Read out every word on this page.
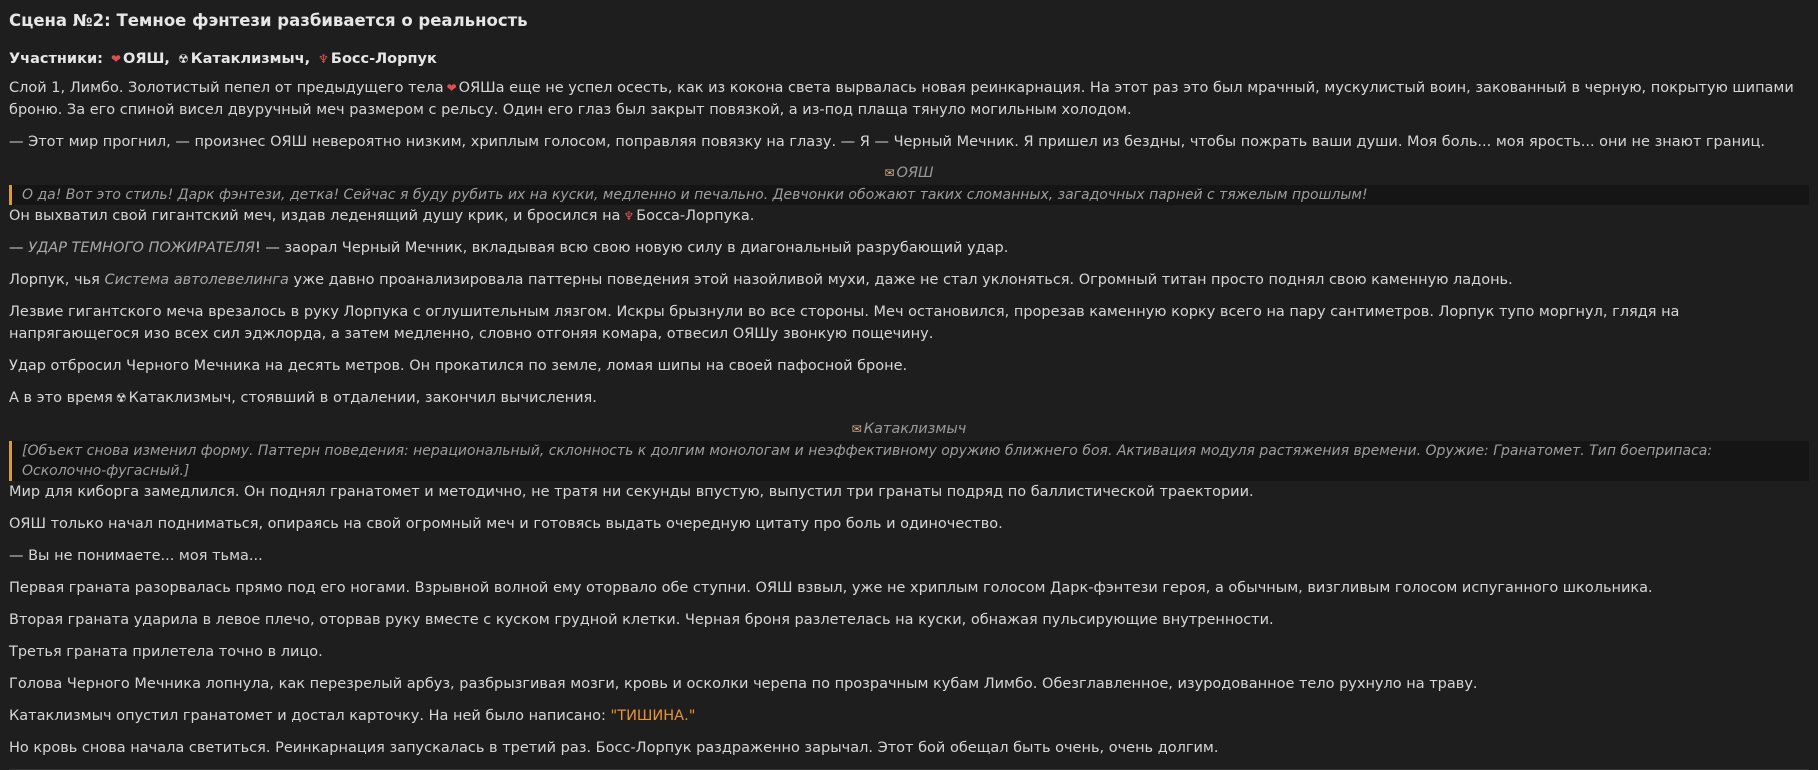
Сцена №2: Темное фэнтези разбивается о реальность
Участники: ❤ ОЯШ, ☢ Катаклизмыч, ♆ Босс-Лорпук

Слой 1, Лимбо. Золотистый пепел от предыдущего тела ❤ ОЯШа еще не успел осесть, как из кокона света вырвалась новая реинкарнация. На этот раз это был мрачный, мускулистый воин, закованный в черную, покрытую шипами броню. За его спиной висел двуручный меч размером с рельсу. Один его глаз был закрыт повязкой, а из-под плаща тянуло могильным холодом.

— Этот мир прогнил, — произнес ОЯШ невероятно низким, хриплым голосом, поправляя повязку на глазу. — Я — Черный Мечник. Я пришел из бездны, чтобы пожрать ваши души. Моя боль... моя ярость... они не знают границ.

✉ ОЯШ
О да! Вот это стиль! Дарк фэнтези, детка! Сейчас я буду рубить их на куски, медленно и печально. Девчонки обожают таких сломанных, загадочных парней с тяжелым прошлым!

Он выхватил свой гигантский меч, издав леденящий душу крик, и бросился на ♆ Босса-Лорпука.

— УДАР ТЕМНОГО ПОЖИРАТЕЛЯ! — заорал Черный Мечник, вкладывая всю свою новую силу в диагональный разрубающий удар.

Лорпук, чья Система автолевелинга уже давно проанализировала паттерны поведения этой назойливой мухи, даже не стал уклоняться. Огромный титан просто поднял свою каменную ладонь.

Лезвие гигантского меча врезалось в руку Лорпука с оглушительным лязгом. Искры брызнули во все стороны. Меч остановился, прорезав каменную корку всего на пару сантиметров. Лорпук тупо моргнул, глядя на напрягающегося изо всех сил эджлорда, а затем медленно, словно отгоняя комара, отвесил ОЯШу звонкую пощечину.

Удар отбросил Черного Мечника на десять метров. Он прокатился по земле, ломая шипы на своей пафосной броне.

А в это время ☢ Катаклизмыч, стоявший в отдалении, закончил вычисления.

✉ Катаклизмыч
[Объект снова изменил форму. Паттерн поведения: нерациональный, склонность к долгим монологам и неэффективному оружию ближнего боя. Активация модуля растяжения времени. Оружие: Гранатомет. Тип боеприпаса: Осколочно-фугасный.]

Мир для киборга замедлился. Он поднял гранатомет и методично, не тратя ни секунды впустую, выпустил три гранаты подряд по баллистической траектории.

ОЯШ только начал подниматься, опираясь на свой огромный меч и готовясь выдать очередную цитату про боль и одиночество.

— Вы не понимаете... моя тьма...

Первая граната разорвалась прямо под его ногами. Взрывной волной ему оторвало обе ступни. ОЯШ взвыл, уже не хриплым голосом Дарк-фэнтези героя, а обычным, визгливым голосом испуганного школьника.

Вторая граната ударила в левое плечо, оторвав руку вместе с куском грудной клетки. Черная броня разлетелась на куски, обнажая пульсирующие внутренности.

Третья граната прилетела точно в лицо.

Голова Черного Мечника лопнула, как перезрелый арбуз, разбрызгивая мозги, кровь и осколки черепа по прозрачным кубам Лимбо. Обезглавленное, изуродованное тело рухнуло на траву.

Катаклизмыч опустил гранатомет и достал карточку. На ней было написано: "ТИШИНА."

Но кровь снова начала светиться. Реинкарнация запускалась в третий раз. Босс-Лорпук раздраженно зарычал. Этот бой обещал быть очень, очень долгим.
